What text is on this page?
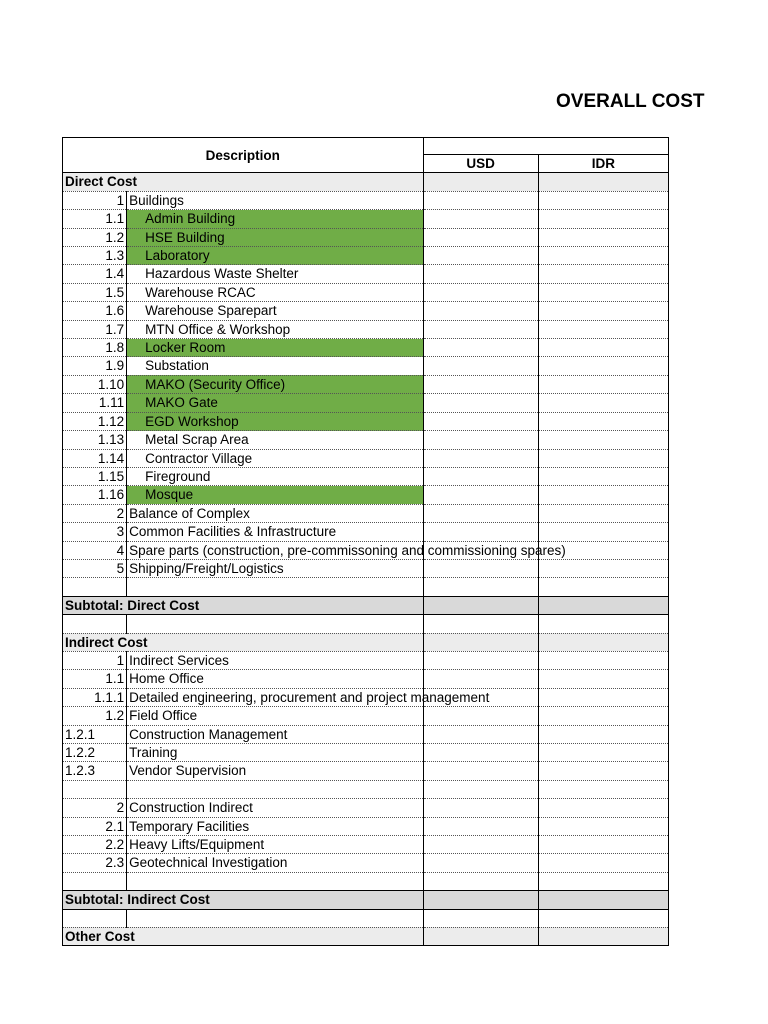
OVERALL COST
Description			
		USD	IDR
Direct Cost			
1	Buildings		
1.1	Admin Building		
1.2	HSE Building		
1.3	Laboratory		
1.4	Hazardous Waste Shelter		
1.5	Warehouse RCAC		
1.6	Warehouse Sparepart		
1.7	MTN Office & Workshop		
1.8	Locker Room		
1.9	Substation		
1.10	MAKO (Security Office)		
1.11	MAKO Gate		
1.12	EGD Workshop		
1.13	Metal Scrap Area		
1.14	Contractor Village		
1.15	Fireground		
1.16	Mosque		
2	Balance of Complex		
3	Common Facilities & Infrastructure		
4	Spare parts (construction, pre-commissoning and commissioning spares)		
5	Shipping/Freight/Logistics		

Subtotal: Direct Cost			

Indirect Cost			
1	Indirect Services		
1.1	Home Office		
1.1.1	Detailed engineering, procurement and project management		
1.2	Field Office		
1.2.1	Construction Management		
1.2.2	Training		
1.2.3	Vendor Supervision		

2	Construction Indirect		
2.1	Temporary Facilities		
2.2	Heavy Lifts/Equipment		
2.3	Geotechnical Investigation		

Subtotal: Indirect Cost			

Other Cost			
